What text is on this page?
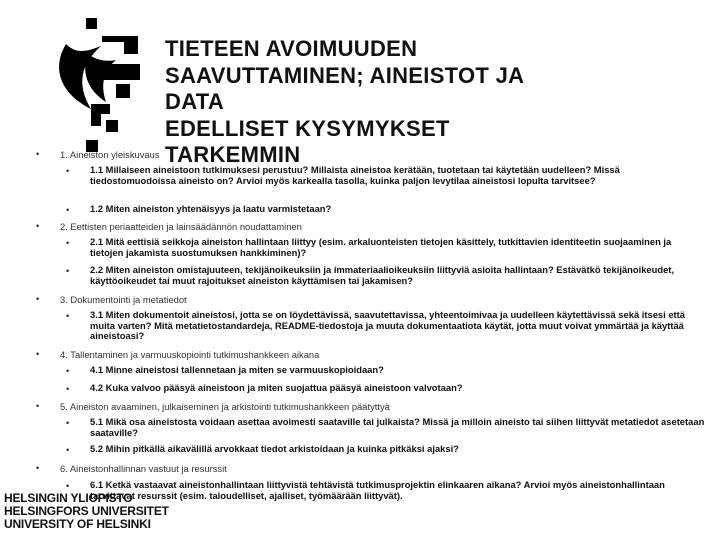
TIETEEN AVOIMUUDEN
SAAVUTTAMINEN; AINEISTOT JA
DATA
EDELLISET KYSYMYKSET
TARKEMMIN
• 1. Aineiston yleiskuvaus
• 1.1 Millaiseen aineistoon tutkimuksesi perustuu? Millaista aineistoa kerätään, tuotetaan tai käytetään uudelleen? Missä tiedostomuodoissa aineisto on? Arvioi myös karkealla tasolla, kuinka paljon levytilaa aineistosi lopulta tarvitsee?
• 1.2 Miten aineiston yhtenäisyys ja laatu varmistetaan?
• 2. Eettisten periaatteiden ja lainsäädännön noudattaminen
• 2.1 Mitä eettisiä seikkoja aineiston hallintaan liittyy (esim. arkaluonteisten tietojen käsittely, tutkittavien identiteetin suojaaminen ja tietojen jakamista suostumuksen hankkiminen)?
• 2.2 Miten aineiston omistajuuteen, tekijänoikeuksiin ja immateriaalioikeuksiin liittyviä asioita hallintaan? Estävätkö tekijänoikeudet, käyttöoikeudet tai muut rajoitukset aineiston käyttämisen tai jakamisen?
• 3. Dokumentointi ja metatiedot
• 3.1 Miten dokumentoit aineistosi, jotta se on löydettävissä, saavutettavissa, yhteentoimivaa ja uudelleen käytettävissä sekä itsesi että muita varten? Mitä metatietostandardeja, README-tiedostoja ja muuta dokumentaatiota käytät, jotta muut voivat ymmärtää ja käyttää aineistoasi?
• 4. Tallentaminen ja varmuuskopiointi tutkimushankkeen aikana
• 4.1 Minne aineistosi tallennetaan ja miten se varmuuskopioidaan?
• 4.2 Kuka valvoo pääsyä aineistoon ja miten suojattua pääsyä aineistoon valvotaan?
• 5. Aineiston avaaminen, julkaiseminen ja arkistointi tutkimushankkeen päätyttyä
• 5.1 Mikä osa aineistosta voidaan asettaa avoimesti saataville tai julkaista? Missä ja milloin aineisto tai siihen liittyvät metatiedot asetetaan saataville?
• 5.2 Mihin pitkällä aikavälillä arvokkaat tiedot arkistoidaan ja kuinka pitkäksi ajaksi?
• 6. Aineistonhallinnan vastuut ja resurssit
• 6.1 Ketkä vastaavat aineistonhallintaan liittyvistä tehtävistä tutkimusprojektin elinkaaren aikana? Arvioi myös aineistonhallintaan tarvittavat resurssit (esim. taloudelliset, ajalliset, työmäärään liittyvät).
HELSINGIN YLIOPISTO
HELSINGFORS UNIVERSITET
UNIVERSITY OF HELSINKI
